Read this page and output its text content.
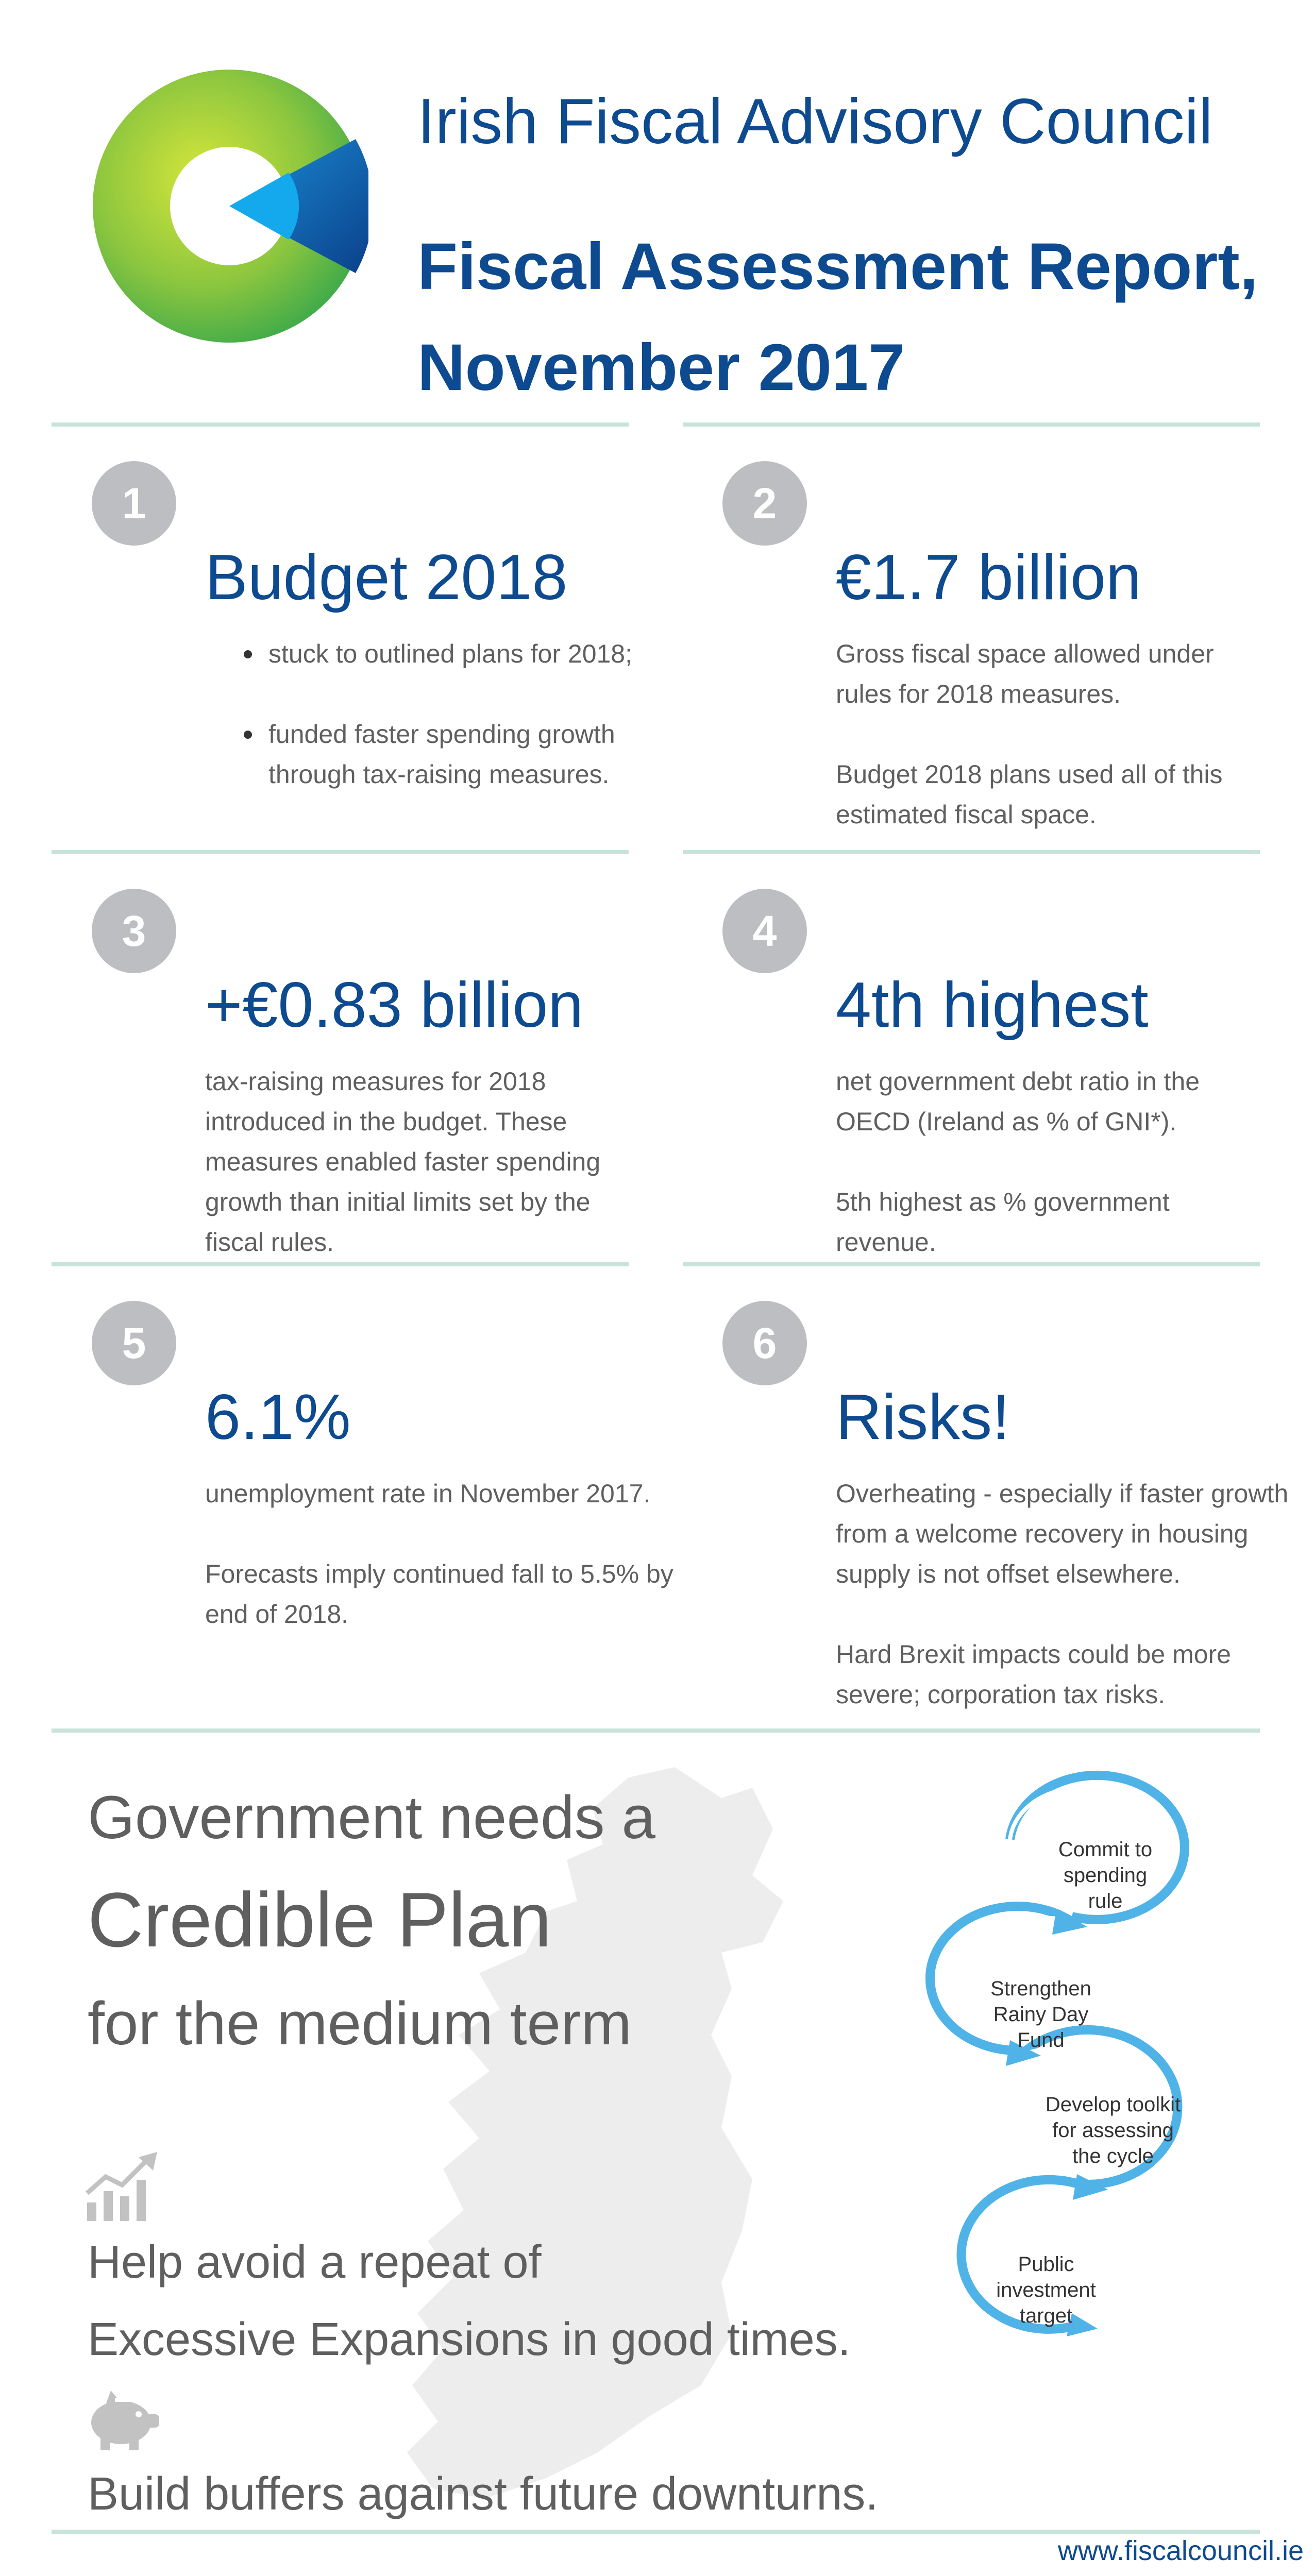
Irish Fiscal Advisory Council
Fiscal Assessment Report, November 2017
1
Budget 2018
stuck to outlined plans for 2018;
funded faster spending growth through tax-raising measures.
2
€1.7 billion

Gross fiscal space allowed under rules for 2018 measures.

Budget 2018 plans used all of this estimated fiscal space.

3
+€0.83 billion

tax-raising measures for 2018 introduced in the budget. These measures enabled faster spending growth than initial limits set by the fiscal rules.

4
4th highest

net government debt ratio in the OECD (Ireland as % of GNI*).

5th highest as % government revenue.

5
6.1%

unemployment rate in November 2017.

Forecasts imply continued fall to 5.5% by end of 2018.

6
Risks!

Overheating - especially if faster growth from a welcome recovery in housing supply is not offset elsewhere.

Hard Brexit impacts could be more severe; corporation tax risks.

Government needs a
Credible Plan
for the medium term
Help avoid a repeat of
Excessive Expansions in good times.
Build buffers against future downturns.
Commit to spending rule
Strengthen Rainy Day Fund
Develop toolkit for assessing the cycle
Public investment target
www.fiscalcouncil.ie
